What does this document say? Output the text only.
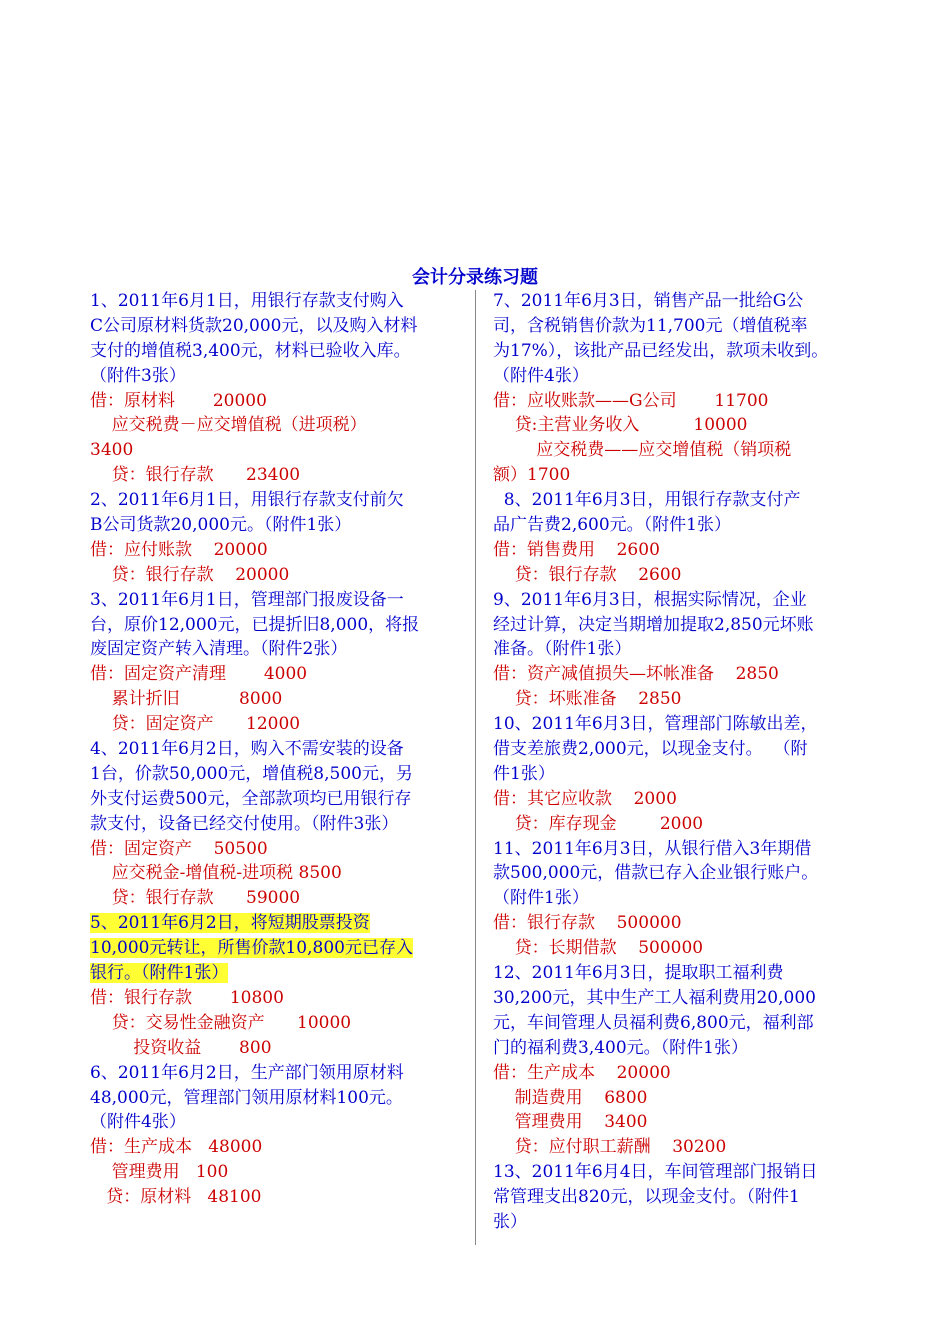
会计分录练习题
1、2011年6月1日，用银行存款支付购入
C公司原材料货款20,000元，以及购入材料
支付的增值税3,400元，材料已验收入库。
（附件3张）
借：原材料       20000
应交税费－应交增值税（进项税）
3400
贷：银行存款      23400
2、2011年6月1日，用银行存款支付前欠
B公司货款20,000元。（附件1张）
借：应付账款    20000
贷：银行存款    20000
3、2011年6月1日，管理部门报废设备一
台，原价12,000元，已提折旧8,000，将报
废固定资产转入清理。（附件2张）
借：固定资产清理       4000
累计折旧           8000
贷：固定资产      12000
4、2011年6月2日，购入不需安装的设备
1台，价款50,000元，增值税8,500元，另
外支付运费500元，全部款项均已用银行存
款支付，设备已经交付使用。（附件3张）
借：固定资产    50500
应交税金-增值税-进项税 8500
贷：银行存款      59000
5、2011年6月2日，将短期股票投资
10,000元转让，所售价款10,800元已存入
银行。（附件1张）
借：银行存款       10800
贷：交易性金融资产      10000
投资收益       800
6、2011年6月2日，生产部门领用原材料
48,000元，管理部门领用原材料100元。
（附件4张）
借：生产成本   48000
管理费用   100
贷：原材料   48100
7、2011年6月3日，销售产品一批给G公
司，含税销售价款为11,700元（增值税率
为17%），该批产品已经发出，款项未收到。
（附件4张）
借：应收账款——G公司       11700
贷:主营业务收入          10000
应交税费——应交增值税（销项税
额）1700
8、2011年6月3日，用银行存款支付产
品广告费2,600元。（附件1张）
借：销售费用    2600
贷：银行存款    2600
9、2011年6月3日，根据实际情况，企业
经过计算，决定当期增加提取2,850元坏账
准备。（附件1张）
借：资产减值损失—坏帐准备    2850
贷：坏账准备    2850
10、2011年6月3日，管理部门陈敏出差，
借支差旅费2,000元，以现金支付。  （附
件1张）
借：其它应收款    2000
贷：库存现金        2000
11、2011年6月3日，从银行借入3年期借
款500,000元，借款已存入企业银行账户。
（附件1张）
借：银行存款    500000
贷：长期借款    500000
12、2011年6月3日，提取职工福利费
30,200元，其中生产工人福利费用20,000
元，车间管理人员福利费6,800元，福利部
门的福利费3,400元。（附件1张）
借：生产成本    20000
制造费用    6800
管理费用    3400
贷：应付职工薪酬    30200
13、2011年6月4日，车间管理部门报销日
常管理支出820元，以现金支付。（附件1
张）
